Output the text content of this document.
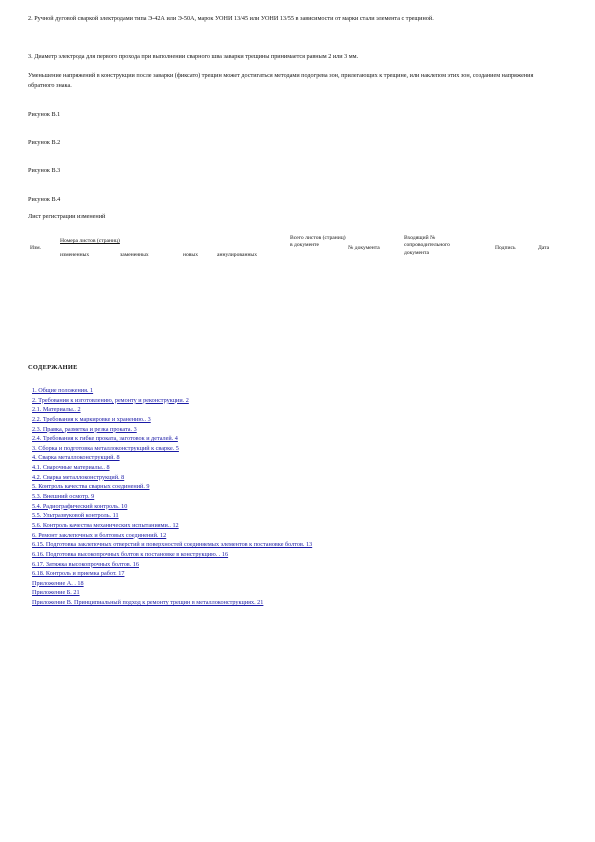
2. Ручной дуговой сваркой электродами типа Э-42А или Э-50А, марок УОНИ 13/45 или УОНИ 13/55 в зависимости от марки стали элемента с трещиной.

3. Диаметр электрода для первого прохода при выполнении сварного шва заварки трещины принимается равным 2 или 3 мм.

Уменьшение напряжений в конструкции после заварки (фиксато) трещин может достигаться методами подогрева зон, прилегающих к трещине, или наклепом этих зон, созданием напряжения обратного знака.

Рисунок В.1

Рисунок В.2

Рисунок В.3

Рисунок В.4

Лист регистрации изменений

Изм.
Номера листов (страниц)
измененных	замененных	новых	аннулированных
Всего листов (страниц) в документе	№ документа
Входящий № сопроводительного документа
Подпись	Дата

СОДЕРЖАНИЕ

1. Общие положения. 1
2. Требования к изготовлению, ремонту и реконструкции. 2
2.1. Материалы.. 2
2.2. Требования к маркировке и хранению.. 3
2.3. Правка, разметка и резка проката. 3
2.4. Требования к гибке проката, заготовок и деталей. 4
3. Сборка и подготовка металлоконструкций к сварке. 5
4. Сварка металлоконструкций. 8
4.1. Сварочные материалы.. 8
4.2. Сварка металлоконструкций. 8
5. Контроль качества сварных соединений. 9
5.3. Внешний осмотр. 9
5.4. Радиографический контроль. 10
5.5. Ультразвуковой контроль. 11
5.6. Контроль качества механических испытаниями.. 12
6. Ремонт заклепочных и болтовых соединений. 12
6.15. Подготовка заклепочных отверстий и поверхностей соединяемых элементов к постановке болтов. 13
6.16. Подготовка высокопрочных болтов к постановке в конструкцию. . 16
6.17. Затяжка высокопрочных болтов. 16
6.18. Контроль и приемка работ. 17
Приложение А. . 18
Приложение Б. 21
Приложение В. Принципиальный подход к ремонту трещин в металлоконструкциях. 21
